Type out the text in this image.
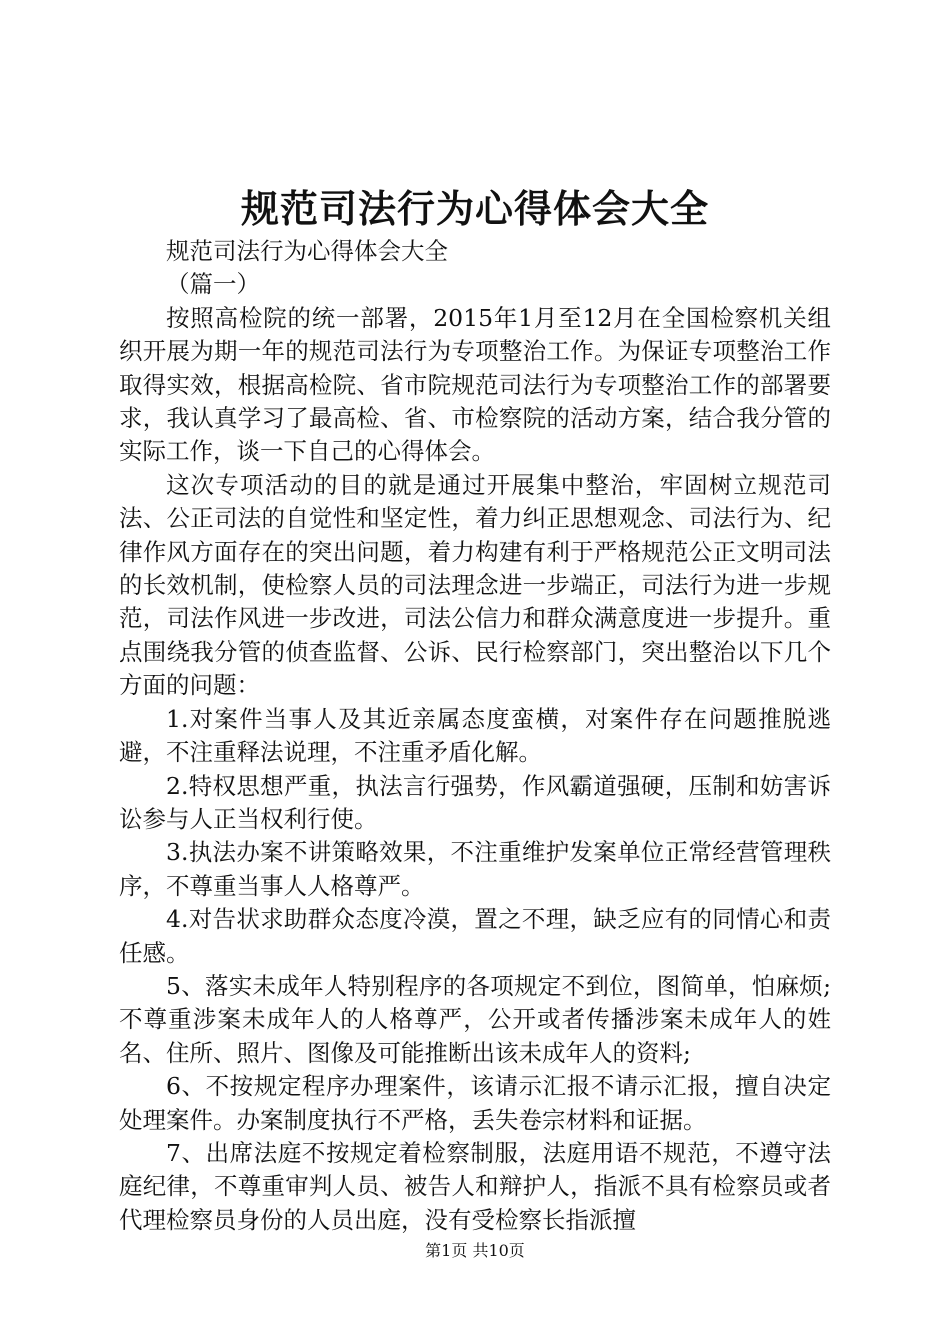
规范司法行为心得体会大全

规范司法行为心得体会大全

（篇一）

按照高检院的统一部署，2015年1月至12月在全国检察机关组织开展为期一年的规范司法行为专项整治工作。为保证专项整治工作取得实效，根据高检院、省市院规范司法行为专项整治工作的部署要求，我认真学习了最高检、省、市检察院的活动方案，结合我分管的实际工作，谈一下自己的心得体会。

这次专项活动的目的就是通过开展集中整治，牢固树立规范司法、公正司法的自觉性和坚定性，着力纠正思想观念、司法行为、纪律作风方面存在的突出问题，着力构建有利于严格规范公正文明司法的长效机制，使检察人员的司法理念进一步端正，司法行为进一步规范，司法作风进一步改进，司法公信力和群众满意度进一步提升。重点围绕我分管的侦查监督、公诉、民行检察部门，突出整治以下几个方面的问题：

1.对案件当事人及其近亲属态度蛮横，对案件存在问题推脱逃避，不注重释法说理，不注重矛盾化解。

2.特权思想严重，执法言行强势，作风霸道强硬，压制和妨害诉讼参与人正当权利行使。

3.执法办案不讲策略效果，不注重维护发案单位正常经营管理秩序，不尊重当事人人格尊严。

4.对告状求助群众态度冷漠，置之不理，缺乏应有的同情心和责任感。

5、落实未成年人特别程序的各项规定不到位，图简单，怕麻烦;不尊重涉案未成年人的人格尊严，公开或者传播涉案未成年人的姓名、住所、照片、图像及可能推断出该未成年人的资料;

6、不按规定程序办理案件，该请示汇报不请示汇报，擅自决定处理案件。办案制度执行不严格，丢失卷宗材料和证据。

7、出席法庭不按规定着检察制服，法庭用语不规范，不遵守法庭纪律，不尊重审判人员、被告人和辩护人，指派不具有检察员或者代理检察员身份的人员出庭，没有受检察长指派擅

第1页 共10页
